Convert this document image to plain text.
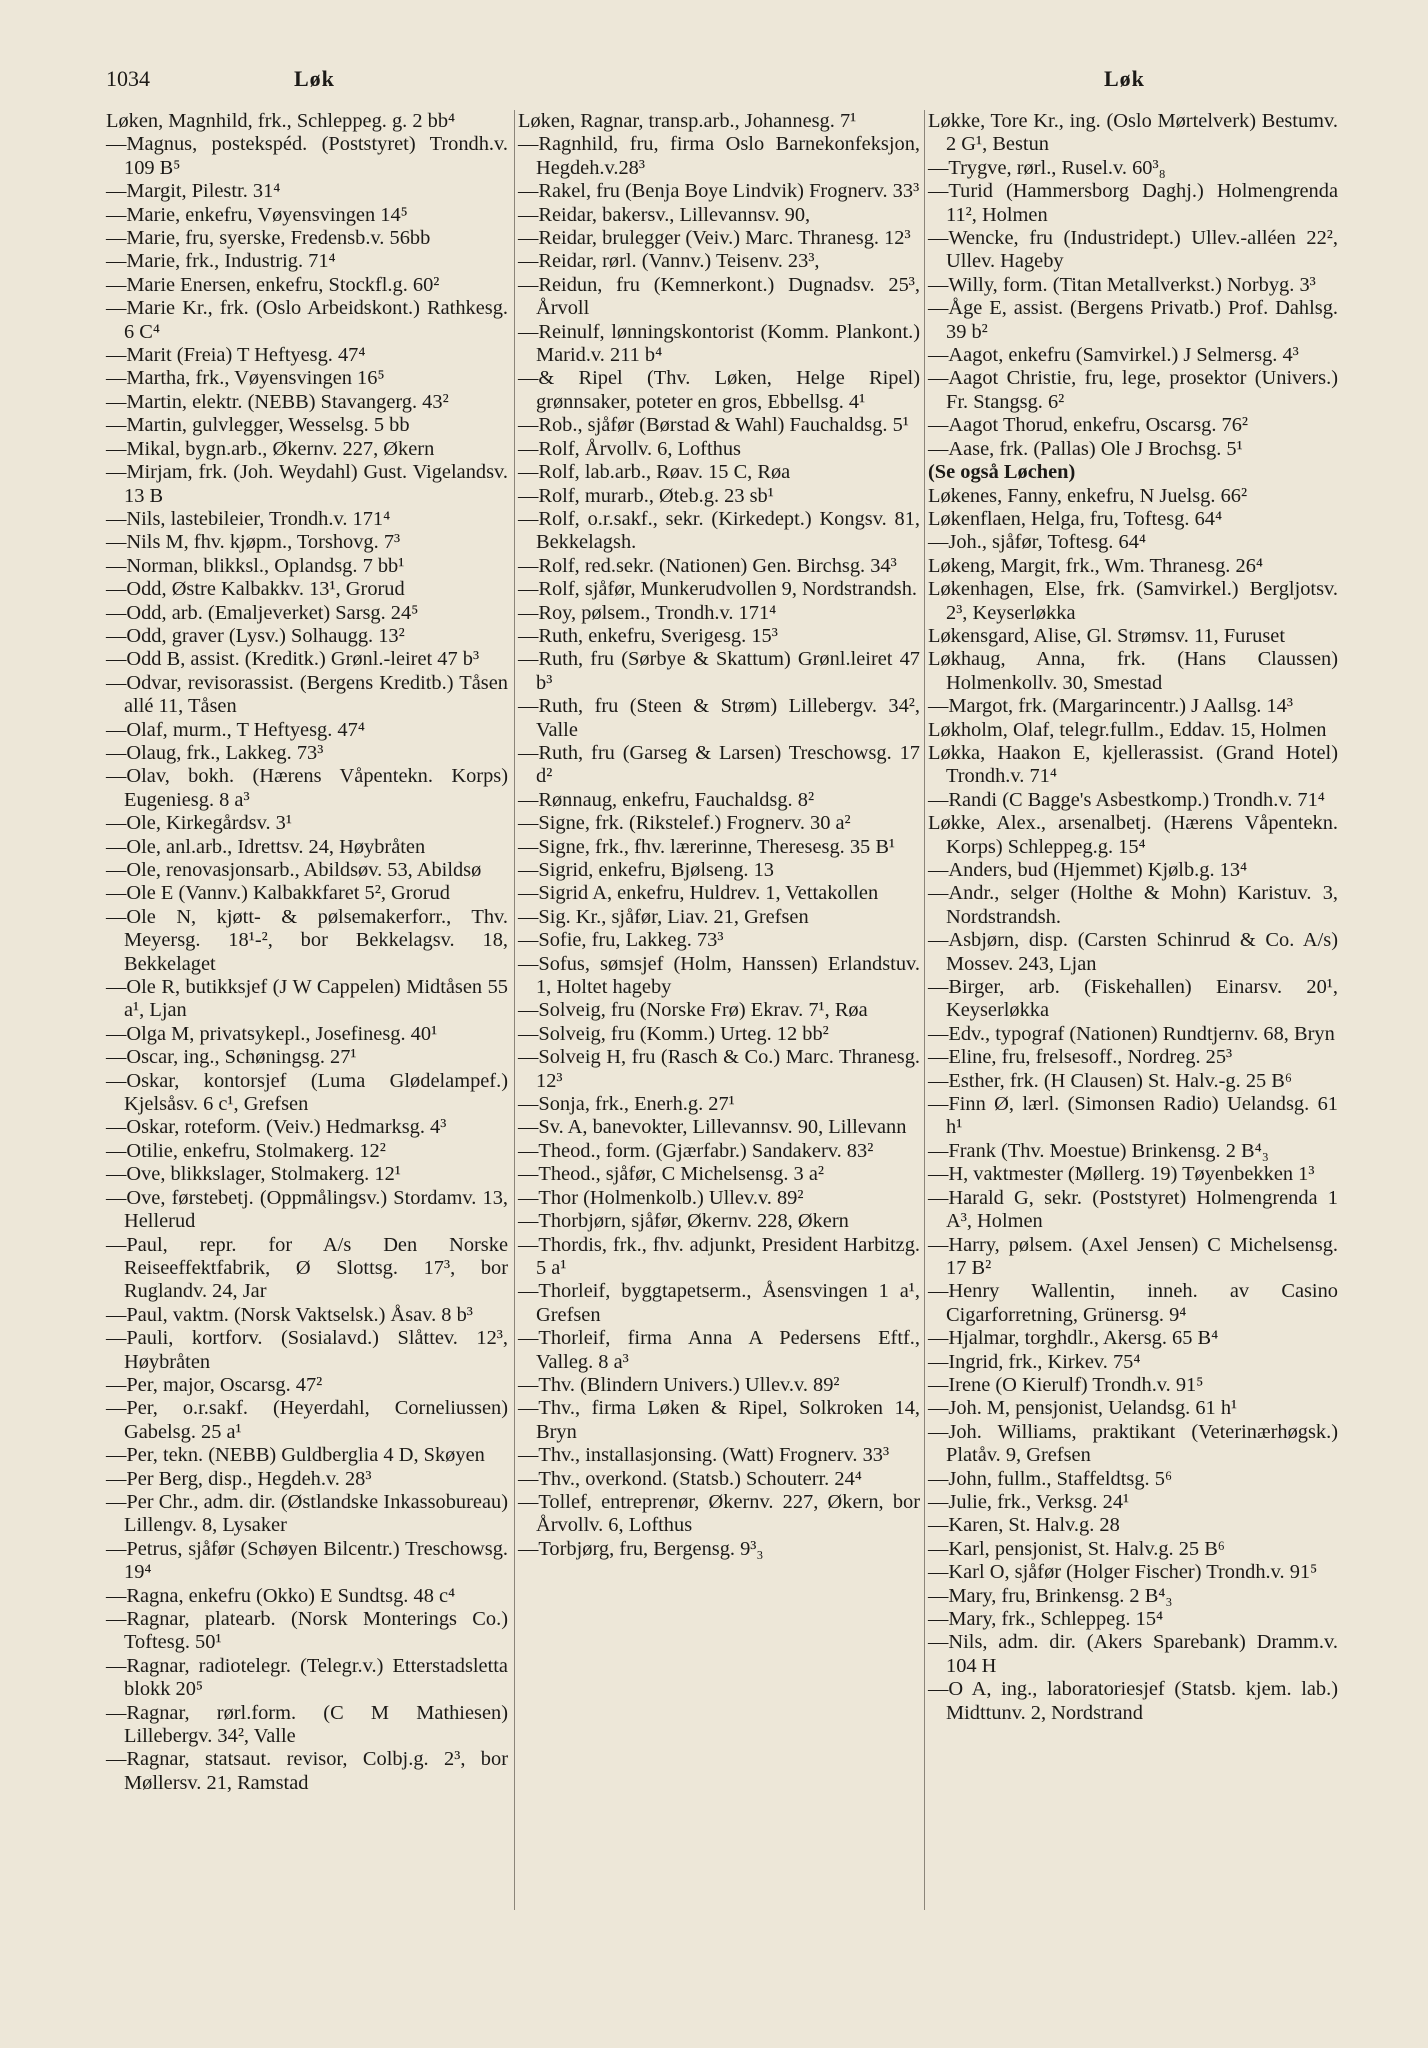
1034	Løk	Løk

Løken, Magnhild, frk., Schleppeg. g. 2 bb⁴

—Magnus, postekspéd. (Poststyret) Trondh.v. 109 B⁵

—Margit, Pilestr. 31⁴

—Marie, enkefru, Vøyensvingen 14⁵

—Marie, fru, syerske, Fredensb.v. 56bb

—Marie, frk., Industrig. 71⁴

—Marie Enersen, enkefru, Stockfl.g. 60²

—Marie Kr., frk. (Oslo Arbeidskont.) Rathkesg. 6 C⁴

—Marit (Freia) T Heftyesg. 47⁴

—Martha, frk., Vøyensvingen 16⁵

—Martin, elektr. (NEBB) Stavangerg. 43²

—Martin, gulvlegger, Wesselsg. 5 bb

—Mikal, bygn.arb., Økernv. 227, Økern

—Mirjam, frk. (Joh. Weydahl) Gust. Vigelandsv. 13 B

—Nils, lastebileier, Trondh.v. 171⁴

—Nils M, fhv. kjøpm., Torshovg. 7³

—Norman, blikksl., Oplandsg. 7 bb¹

—Odd, Østre Kalbakkv. 13¹, Grorud

—Odd, arb. (Emaljeverket) Sarsg. 24⁵

—Odd, graver (Lysv.) Solhaugg. 13²

—Odd B, assist. (Kreditk.) Grønl.-leiret 47 b³

—Odvar, revisorassist. (Bergens Kreditb.) Tåsen allé 11, Tåsen

—Olaf, murm., T Heftyesg. 47⁴

—Olaug, frk., Lakkeg. 73³

—Olav, bokh. (Hærens Våpentekn. Korps) Eugeniesg. 8 a³

—Ole, Kirkegårdsv. 3¹

—Ole, anl.arb., Idrettsv. 24, Høybråten

—Ole, renovasjonsarb., Abildsøv. 53, Abildsø

—Ole E (Vannv.) Kalbakkfaret 5², Grorud

—Ole N, kjøtt- & pølsemakerforr., Thv. Meyersg. 18¹-², bor Bekkelagsv. 18, Bekkelaget

—Ole R, butikksjef (J W Cappelen) Midtåsen 55 a¹, Ljan

—Olga M, privatsykepl., Josefinesg. 40¹

—Oscar, ing., Schøningsg. 27¹

—Oskar, kontorsjef (Luma Glødelampef.) Kjelsåsv. 6 c¹, Grefsen

—Oskar, roteform. (Veiv.) Hedmarksg. 4³

—Otilie, enkefru, Stolmakerg. 12²

—Ove, blikkslager, Stolmakerg. 12¹

—Ove, førstebetj. (Oppmålingsv.) Stordamv. 13, Hellerud

—Paul, repr. for A/s Den Norske Reiseeffektfabrik, Ø Slottsg. 17³, bor Ruglandv. 24, Jar

—Paul, vaktm. (Norsk Vaktselsk.) Åsav. 8 b³

—Pauli, kortforv. (Sosialavd.) Slåttev. 12³, Høybråten

—Per, major, Oscarsg. 47²

—Per, o.r.sakf. (Heyerdahl, Corneliussen) Gabelsg. 25 a¹

—Per, tekn. (NEBB) Guldberglia 4 D, Skøyen

—Per Berg, disp., Hegdeh.v. 28³

—Per Chr., adm. dir. (Østlandske Inkassobureau) Lillengv. 8, Lysaker

—Petrus, sjåfør (Schøyen Bilcentr.) Treschowsg. 19⁴

—Ragna, enkefru (Okko) E Sundtsg. 48 c⁴

—Ragnar, platearb. (Norsk Monterings Co.) Toftesg. 50¹

—Ragnar, radiotelegr. (Telegr.v.) Etterstadsletta blokk 20⁵

—Ragnar, rørl.form. (C M Mathiesen) Lillebergv. 34², Valle

—Ragnar, statsaut. revisor, Colbj.g. 2³, bor Møllersv. 21, Ramstad

Løken, Ragnar, transp.arb., Johannesg. 7¹

—Ragnhild, fru, firma Oslo Barnekonfeksjon, Hegdeh.v.28³

—Rakel, fru (Benja Boye Lindvik) Frognerv. 33³

—Reidar, bakersv., Lillevannsv. 90,

—Reidar, brulegger (Veiv.) Marc. Thranesg. 12³

—Reidar, rørl. (Vannv.) Teisenv. 23³,

—Reidun, fru (Kemnerkont.) Dugnadsv. 25³, Årvoll

—Reinulf, lønningskontorist (Komm. Plankont.) Marid.v. 211 b⁴

—& Ripel (Thv. Løken, Helge Ripel) grønnsaker, poteter en gros, Ebbellsg. 4¹

—Rob., sjåfør (Børstad & Wahl) Fauchaldsg. 5¹

—Rolf, Årvollv. 6, Lofthus

—Rolf, lab.arb., Røav. 15 C, Røa

—Rolf, murarb., Øteb.g. 23 sb¹

—Rolf, o.r.sakf., sekr. (Kirkedept.) Kongsv. 81, Bekkelagsh.

—Rolf, red.sekr. (Nationen) Gen. Birchsg. 34³

—Rolf, sjåfør, Munkerudvollen 9, Nordstrandsh.

—Roy, pølsem., Trondh.v. 171⁴

—Ruth, enkefru, Sverigesg. 15³

—Ruth, fru (Sørbye & Skattum) Grønl.leiret 47 b³

—Ruth, fru (Steen & Strøm) Lillebergv. 34², Valle

—Ruth, fru (Garseg & Larsen) Treschowsg. 17 d²

—Rønnaug, enkefru, Fauchaldsg. 8²

—Signe, frk. (Rikstelef.) Frognerv. 30 a²

—Signe, frk., fhv. lærerinne, Theresesg. 35 B¹

—Sigrid, enkefru, Bjølseng. 13

—Sigrid A, enkefru, Huldrev. 1, Vettakollen

—Sig. Kr., sjåfør, Liav. 21, Grefsen

—Sofie, fru, Lakkeg. 73³

—Sofus, sømsjef (Holm, Hanssen) Erlandstuv. 1, Holtet hageby

—Solveig, fru (Norske Frø) Ekrav. 7¹, Røa

—Solveig, fru (Komm.) Urteg. 12 bb²

—Solveig H, fru (Rasch & Co.) Marc. Thranesg. 12³

—Sonja, frk., Enerh.g. 27¹

—Sv. A, banevokter, Lillevannsv. 90, Lillevann

—Theod., form. (Gjærfabr.) Sandakerv. 83²

—Theod., sjåfør, C Michelsensg. 3 a²

—Thor (Holmenkolb.) Ullev.v. 89²

—Thorbjørn, sjåfør, Økernv. 228, Økern

—Thordis, frk., fhv. adjunkt, President Harbitzg. 5 a¹

—Thorleif, byggtapetserm., Åsensvingen 1 a¹, Grefsen

—Thorleif, firma Anna A Pedersens Eftf., Valleg. 8 a³

—Thv. (Blindern Univers.) Ullev.v. 89²

—Thv., firma Løken & Ripel, Solkroken 14, Bryn

—Thv., installasjonsing. (Watt) Frognerv. 33³

—Thv., overkond. (Statsb.) Schouterr. 24⁴

—Tollef, entreprenør, Økernv. 227, Økern, bor Årvollv. 6, Lofthus

—Torbjørg, fru, Bergensg. 9³₃

Løkke, Tore Kr., ing. (Oslo Mørtelverk) Bestumv. 2 G¹, Bestun

—Trygve, rørl., Rusel.v. 60³₈

—Turid (Hammersborg Daghj.) Holmengrenda 11², Holmen

—Wencke, fru (Industridept.) Ullev.-alléen 22², Ullev. Hageby

—Willy, form. (Titan Metallverkst.) Norbyg. 3³

—Åge E, assist. (Bergens Privatb.) Prof. Dahlsg. 39 b²

—Aagot, enkefru (Samvirkel.) J Selmersg. 4³

—Aagot Christie, fru, lege, prosektor (Univers.) Fr. Stangsg. 6²

—Aagot Thorud, enkefru, Oscarsg. 76²

—Aase, frk. (Pallas) Ole J Brochsg. 5¹

(Se også Løchen)

Løkenes, Fanny, enkefru, N Juelsg. 66²

Løkenflaen, Helga, fru, Toftesg. 64⁴

—Joh., sjåfør, Toftesg. 64⁴

Løkeng, Margit, frk., Wm. Thranesg. 26⁴

Løkenhagen, Else, frk. (Samvirkel.) Bergljotsv. 2³, Keyserløkka

Løkensgard, Alise, Gl. Strømsv. 11, Furuset

Løkhaug, Anna, frk. (Hans Claussen) Holmenkollv. 30, Smestad

—Margot, frk. (Margarincentr.) J Aallsg. 14³

Løkholm, Olaf, telegr.fullm., Eddav. 15, Holmen

Løkka, Haakon E, kjellerassist. (Grand Hotel) Trondh.v. 71⁴

—Randi (C Bagge's Asbestkomp.) Trondh.v. 71⁴

Løkke, Alex., arsenalbetj. (Hærens Våpentekn. Korps) Schleppeg.g. 15⁴

—Anders, bud (Hjemmet) Kjølb.g. 13⁴

—Andr., selger (Holthe & Mohn) Karistuv. 3, Nordstrandsh.

—Asbjørn, disp. (Carsten Schinrud & Co. A/s) Mossev. 243, Ljan

—Birger, arb. (Fiskehallen) Einarsv. 20¹, Keyserløkka

—Edv., typograf (Nationen) Rundtjernv. 68, Bryn

—Eline, fru, frelsesoff., Nordreg. 25³

—Esther, frk. (H Clausen) St. Halv.-g. 25 B⁶

—Finn Ø, lærl. (Simonsen Radio) Uelandsg. 61 h¹

—Frank (Thv. Moestue) Brinkensg. 2 B⁴₃

—H, vaktmester (Møllerg. 19) Tøyenbekken 1³

—Harald G, sekr. (Poststyret) Holmengrenda 1 A³, Holmen

—Harry, pølsem. (Axel Jensen) C Michelsensg. 17 B²

—Henry Wallentin, inneh. av Casino Cigarforretning, Grünersg. 9⁴

—Hjalmar, torghdlr., Akersg. 65 B⁴

—Ingrid, frk., Kirkev. 75⁴

—Irene (O Kierulf) Trondh.v. 91⁵

—Joh. M, pensjonist, Uelandsg. 61 h¹

—Joh. Williams, praktikant (Veterinærhøgsk.) Platåv. 9, Grefsen

—John, fullm., Staffeldtsg. 5⁶

—Julie, frk., Verksg. 24¹

—Karen, St. Halv.g. 28

—Karl, pensjonist, St. Halv.g. 25 B⁶

—Karl O, sjåfør (Holger Fischer) Trondh.v. 91⁵

—Mary, fru, Brinkensg. 2 B⁴₃

—Mary, frk., Schleppeg. 15⁴

—Nils, adm. dir. (Akers Sparebank) Dramm.v. 104 H

—O A, ing., laboratoriesjef (Statsb. kjem. lab.) Midttunv. 2, Nordstrand
